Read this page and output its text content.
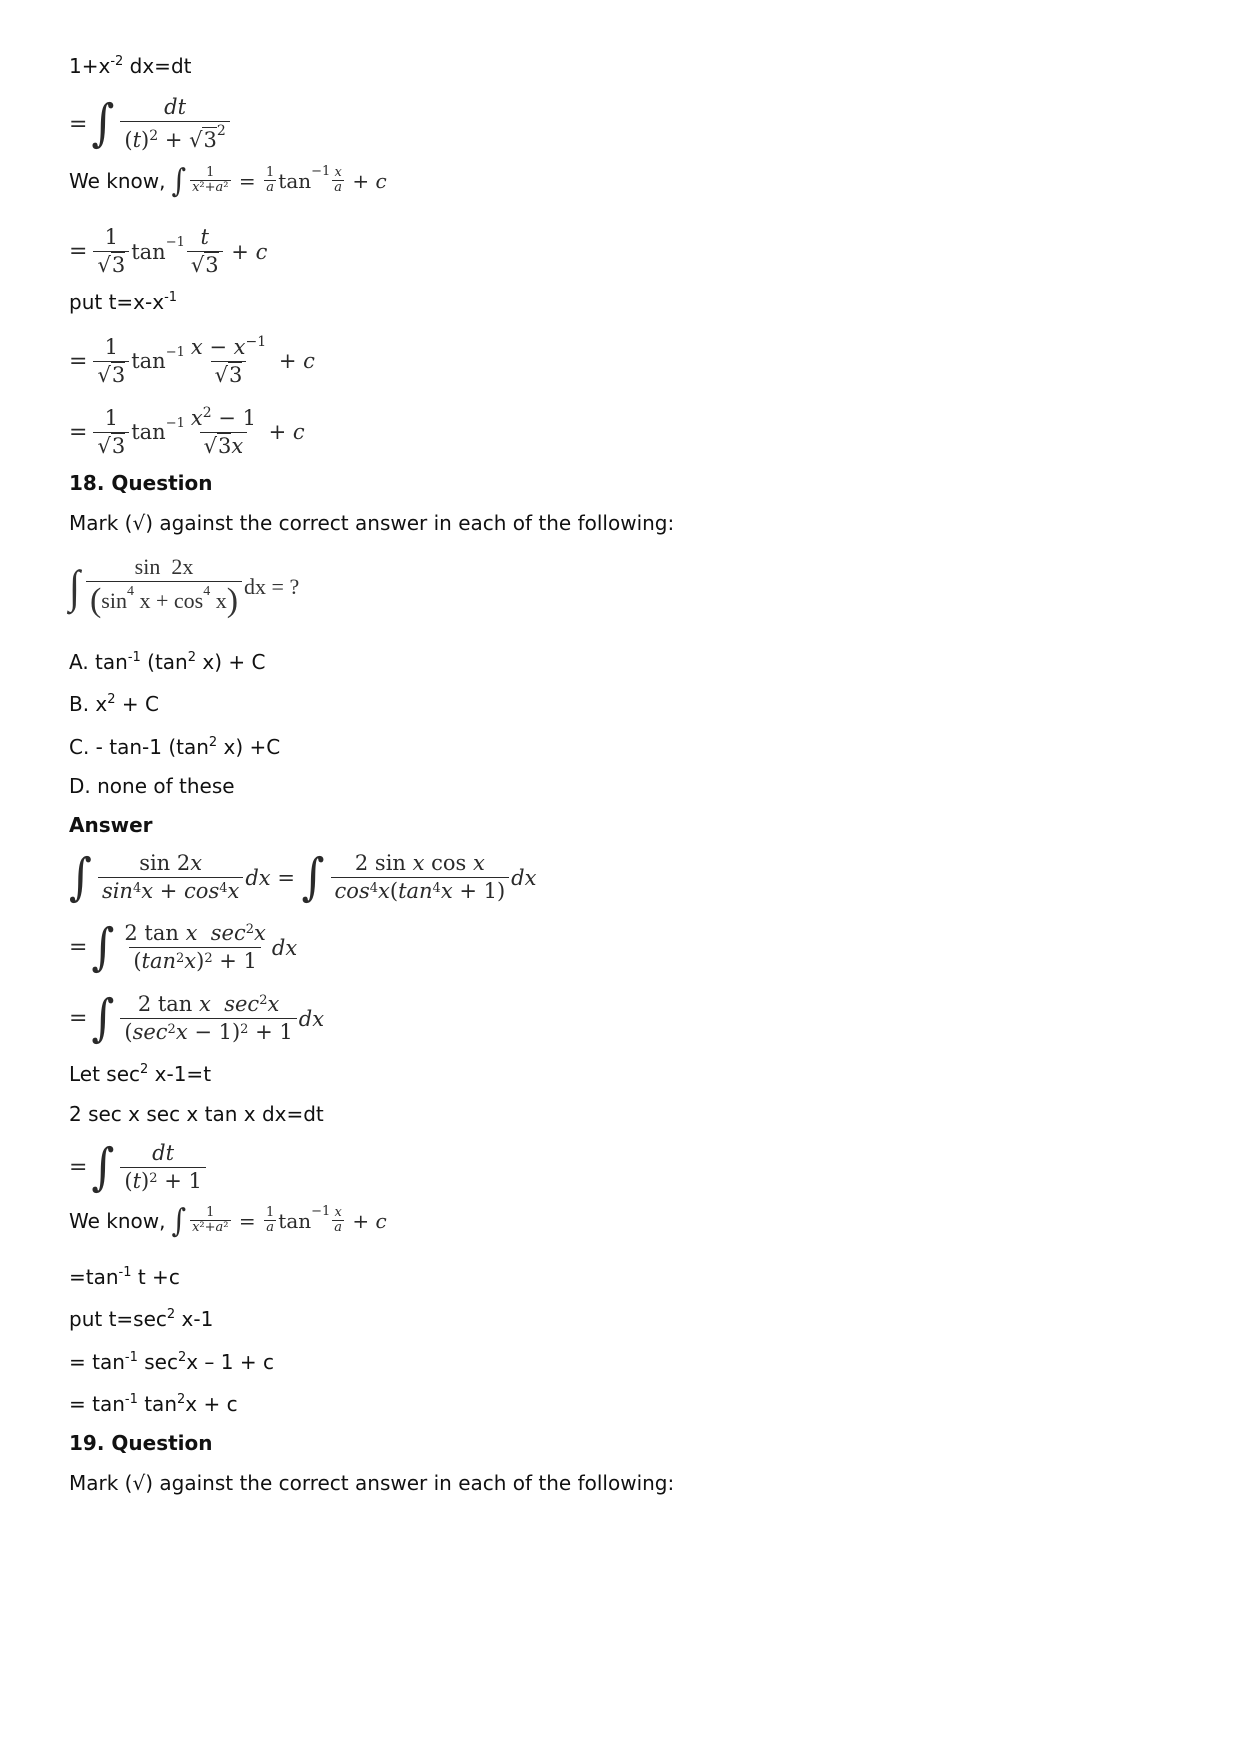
$1+x^{-2}$ dx=dt
= ∫ $\frac{dt}{(t)^2 + √3^2}$
We know, ∫ $\frac{1}{\text{x²+a²}} = \frac{1}{a}$ $\tan -1 \frac{x}{a} + c$
= $\frac{1}{√3}$ $\tan -1 \frac{t}{√3} + c$
put $t=x-x^{-1}$
= $\frac{1}{√3}$ $\tan -1 \frac{x - x^{-1}}{√3} + c$
= $\frac{1}{√3}$ $\tan -1 \frac{x^2 - 1}{√3x} + c$
18. Question
Mark (√) against the correct answer in each of the following:
∫ $\frac{\sin 2x}{( \sin 4 x + \cos 4 x )}$ dx = ?
A. $\tan^{-1} (\tan^2$ x) + C
B. $x^2 + C$
C. - tan-1 ($\tan^2$ x) +C
D. none of these
Answer
∫ $\frac{\sin 2x}{\sin^4x + \cos^4x}$ dx = ∫ $\frac{\text{2 sin x cos x}}{\cos^4x(\tan^4x + 1)}$ dx
= ∫ $\frac{2 \tan x \sec^2x}{(\tan^2x)^2 + 1}$ dx
= ∫ $\frac{2 \tan x \sec^2x}{(\sec^2x - 1)^2 + 1}$ dx
Let $\sec^2 x-1=t$
2 sec x sec x tan x dx=dt
= ∫ $\frac{dt}{(t)^2 + 1}$
We know, ∫ $\frac{1}{\text{x²+a²}} = \frac{1}{a}$ $\tan -1 \frac{x}{a} + c$
$=\tan^{-1}$ t +c
put $t=\sec^2$ x-1
= $\tan^{-1} \sec^2x - 1 + c$
= $\tan^{-1} \tan^2x + c$
19. Question
Mark (√) against the correct answer in each of the following:
